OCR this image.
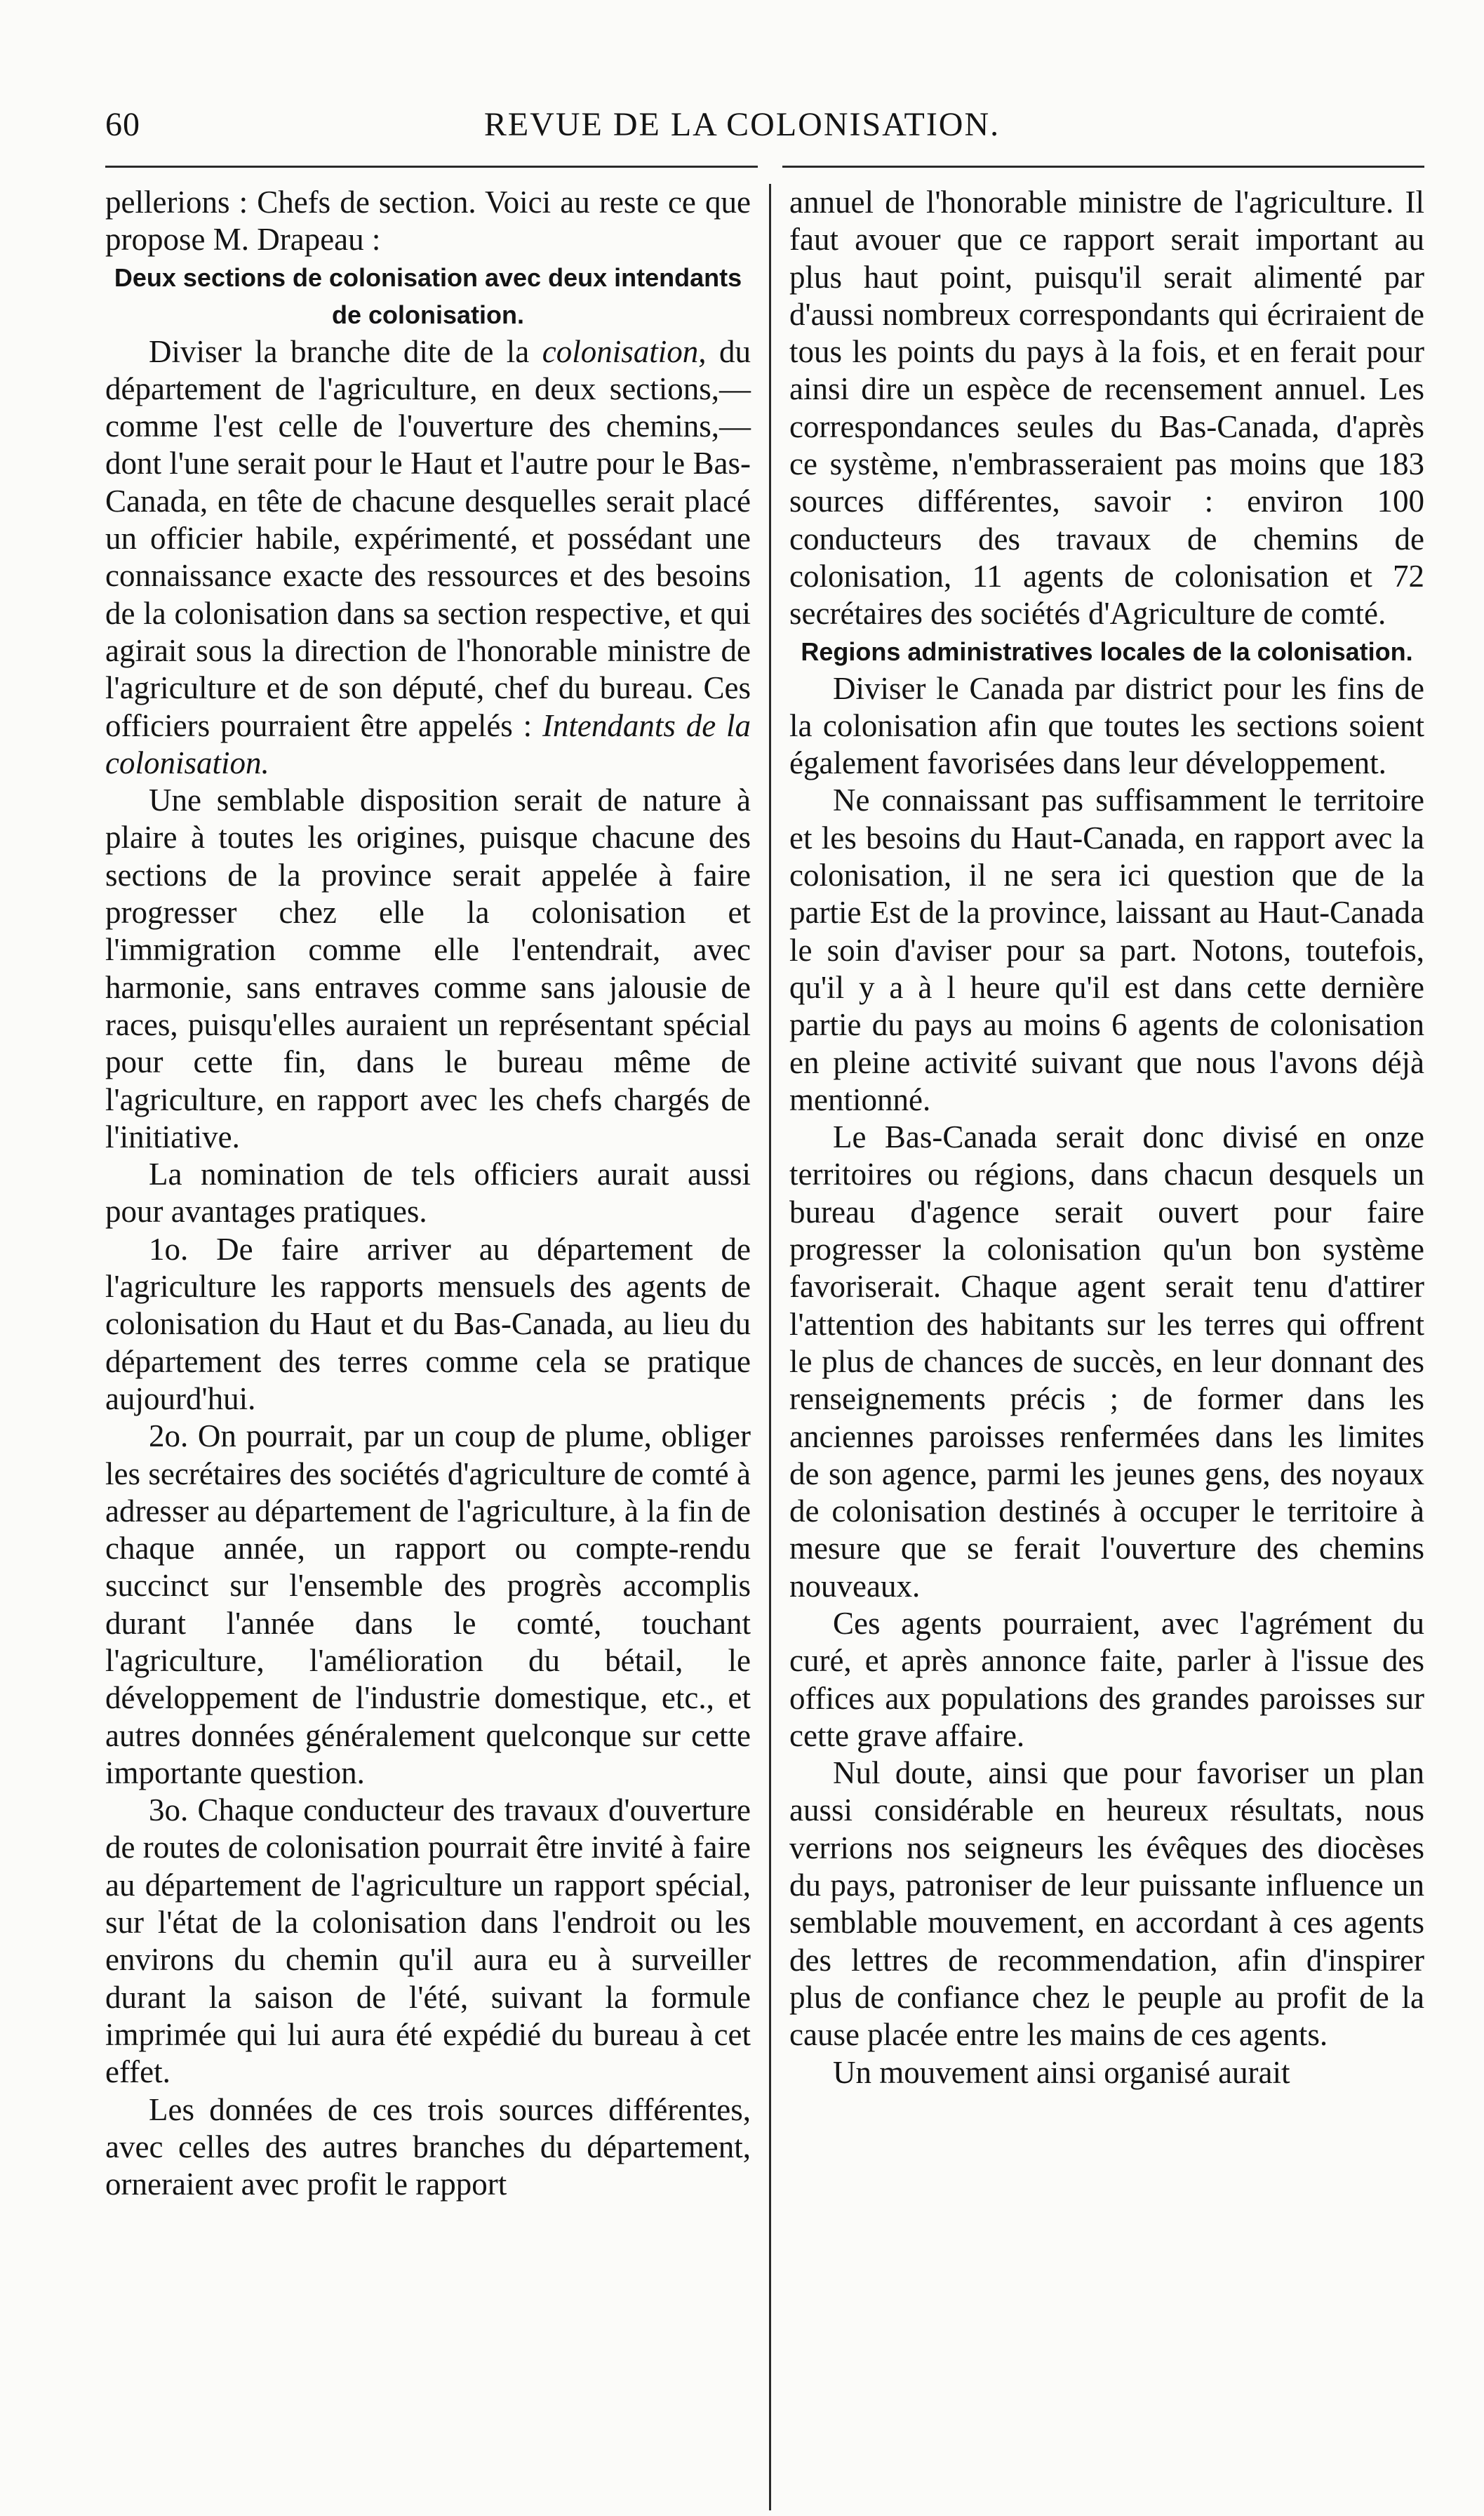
60	REVUE DE LA COLONISATION.

pellerions : Chefs de section. Voici au reste ce que propose M. Drapeau :

Deux sections de colonisation avec deux intendants de colonisation.

Diviser la branche dite de la colonisation, du département de l'agriculture, en deux sections,—comme l'est celle de l'ouverture des chemins,—dont l'une serait pour le Haut et l'autre pour le Bas-Canada, en tête de chacune desquelles serait placé un officier habile, expérimenté, et possédant une connaissance exacte des ressources et des besoins de la colonisation dans sa section respective, et qui agirait sous la direction de l'honorable ministre de l'agriculture et de son député, chef du bureau. Ces officiers pourraient être appelés : Intendants de la colonisation.

Une semblable disposition serait de nature à plaire à toutes les origines, puisque chacune des sections de la province serait appelée à faire progresser chez elle la colonisation et l'immigration comme elle l'entendrait, avec harmonie, sans entraves comme sans jalousie de races, puisqu'elles auraient un représentant spécial pour cette fin, dans le bureau même de l'agriculture, en rapport avec les chefs chargés de l'initiative.

La nomination de tels officiers aurait aussi pour avantages pratiques.

1o. De faire arriver au département de l'agriculture les rapports mensuels des agents de colonisation du Haut et du Bas-Canada, au lieu du département des terres comme cela se pratique aujourd'hui.

2o. On pourrait, par un coup de plume, obliger les secrétaires des sociétés d'agriculture de comté à adresser au département de l'agriculture, à la fin de chaque année, un rapport ou compte-rendu succinct sur l'ensemble des progrès accomplis durant l'année dans le comté, touchant l'agriculture, l'amélioration du bétail, le développement de l'industrie domestique, etc., et autres données généralement quelconque sur cette importante question.

3o. Chaque conducteur des travaux d'ouverture de routes de colonisation pourrait être invité à faire au département de l'agriculture un rapport spécial, sur l'état de la colonisation dans l'endroit ou les environs du chemin qu'il aura eu à surveiller durant la saison de l'été, suivant la formule imprimée qui lui aura été expédié du bureau à cet effet.

Les données de ces trois sources différentes, avec celles des autres branches du département, orneraient avec profit le rapport

annuel de l'honorable ministre de l'agriculture. Il faut avouer que ce rapport serait important au plus haut point, puisqu'il serait alimenté par d'aussi nombreux correspondants qui écriraient de tous les points du pays à la fois, et en ferait pour ainsi dire un espèce de recensement annuel. Les correspondances seules du Bas-Canada, d'après ce système, n'embrasseraient pas moins que 183 sources différentes, savoir : environ 100 conducteurs des travaux de chemins de colonisation, 11 agents de colonisation et 72 secrétaires des sociétés d'Agriculture de comté.

Regions administratives locales de la colonisation.

Diviser le Canada par district pour les fins de la colonisation afin que toutes les sections soient également favorisées dans leur développement.

Ne connaissant pas suffisamment le territoire et les besoins du Haut-Canada, en rapport avec la colonisation, il ne sera ici question que de la partie Est de la province, laissant au Haut-Canada le soin d'aviser pour sa part. Notons, toutefois, qu'il y a à l heure qu'il est dans cette dernière partie du pays au moins 6 agents de colonisation en pleine activité suivant que nous l'avons déjà mentionné.

Le Bas-Canada serait donc divisé en onze territoires ou régions, dans chacun desquels un bureau d'agence serait ouvert pour faire progresser la colonisation qu'un bon système favoriserait. Chaque agent serait tenu d'attirer l'attention des habitants sur les terres qui offrent le plus de chances de succès, en leur donnant des renseignements précis ; de former dans les anciennes paroisses renfermées dans les limites de son agence, parmi les jeunes gens, des noyaux de colonisation destinés à occuper le territoire à mesure que se ferait l'ouverture des chemins nouveaux.

Ces agents pourraient, avec l'agrément du curé, et après annonce faite, parler à l'issue des offices aux populations des grandes paroisses sur cette grave affaire.

Nul doute, ainsi que pour favoriser un plan aussi considérable en heureux résultats, nous verrions nos seigneurs les évêques des diocèses du pays, patroniser de leur puissante influence un semblable mouvement, en accordant à ces agents des lettres de recommendation, afin d'inspirer plus de confiance chez le peuple au profit de la cause placée entre les mains de ces agents.

Un mouvement ainsi organisé aurait
